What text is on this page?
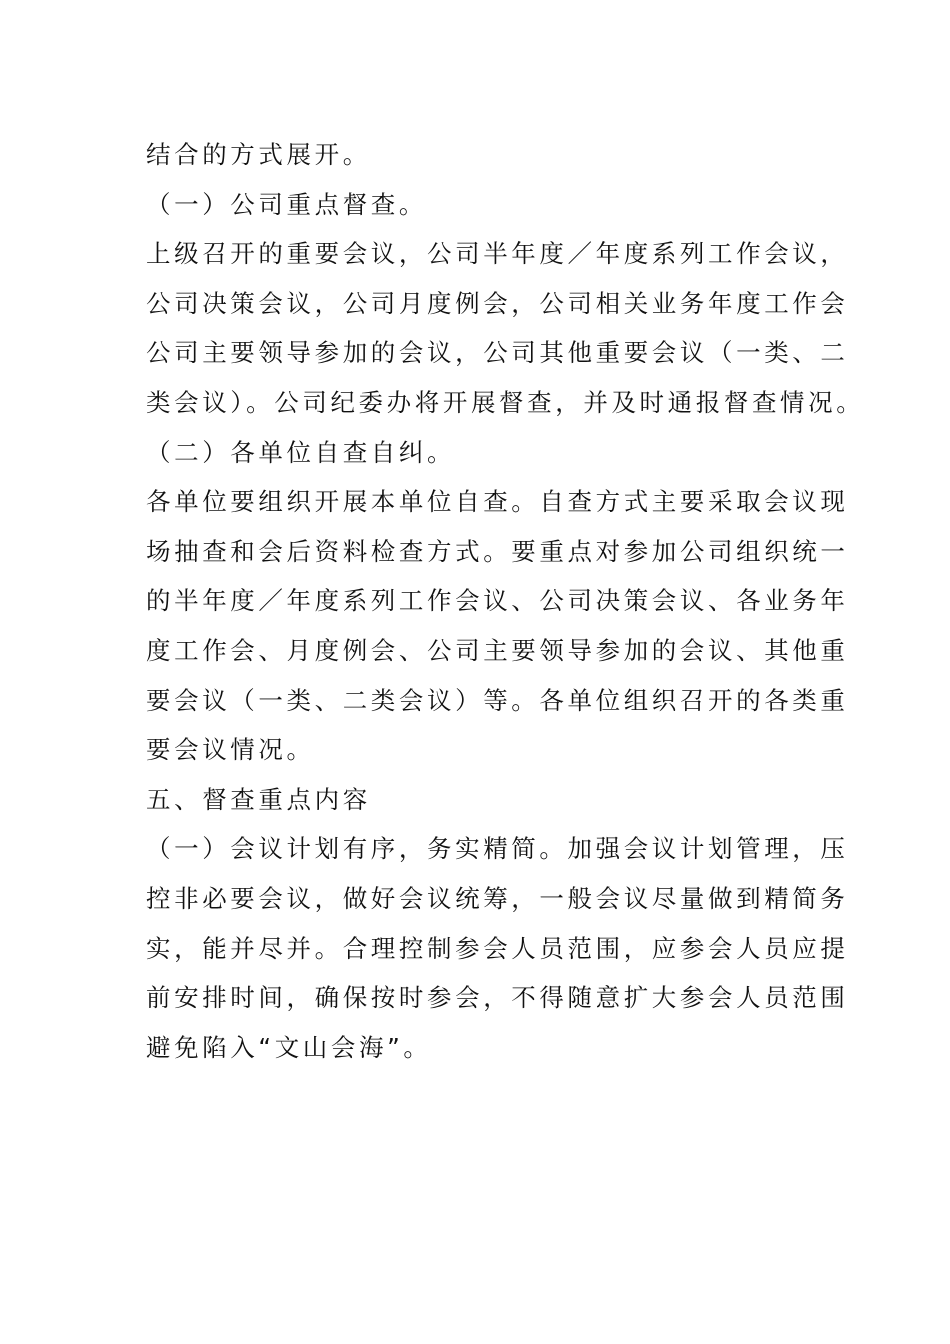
结合的方式展开。
（一）公司重点督查。
上级召开的重要会议，公司半年度／年度系列工作会议，
公司决策会议，公司月度例会，公司相关业务年度工作会
公司主要领导参加的会议，公司其他重要会议（一类、二
类会议）。公司纪委办将开展督查，并及时通报督查情况。
（二）各单位自查自纠。
各单位要组织开展本单位自查。自查方式主要采取会议现
场抽查和会后资料检查方式。要重点对参加公司组织统一
的半年度／年度系列工作会议、公司决策会议、各业务年
度工作会、月度例会、公司主要领导参加的会议、其他重
要会议（一类、二类会议）等。各单位组织召开的各类重
要会议情况。
五、督查重点内容
（一）会议计划有序，务实精简。加强会议计划管理，压
控非必要会议，做好会议统筹，一般会议尽量做到精简务
实，能并尽并。合理控制参会人员范围，应参会人员应提
前安排时间，确保按时参会，不得随意扩大参会人员范围
避免陷入“文山会海”。
